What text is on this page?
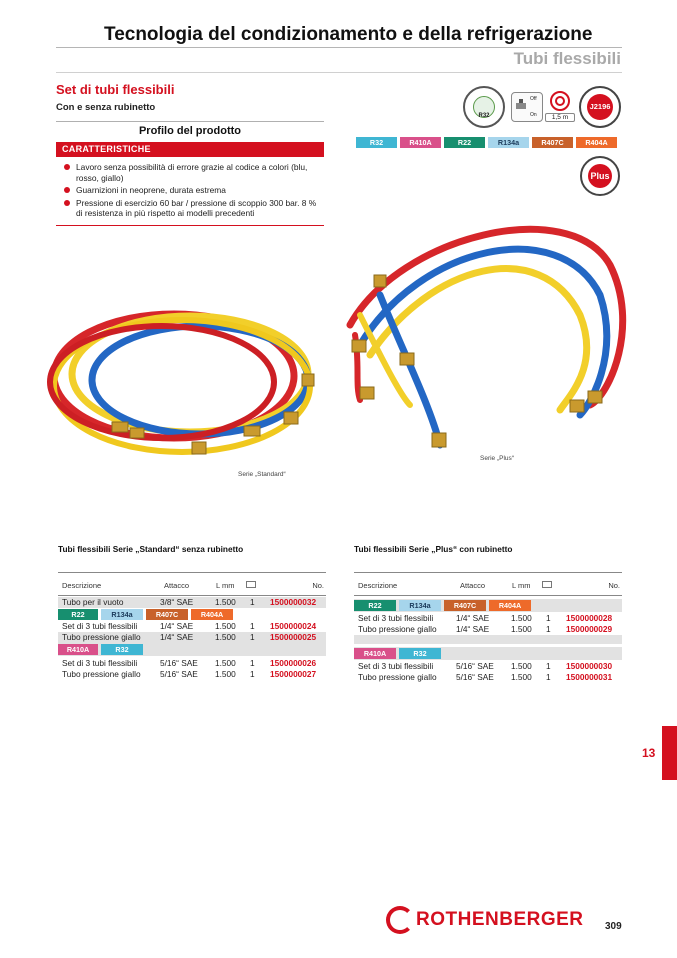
Tecnologia del condizionamento e della refrigerazione
Tubi flessibili
Set di tubi flessibili
Con e senza rubinetto
Profilo del prodotto
CARATTERISTICHE
Lavoro senza possibilità di errore grazie al codice a colori (blu, rosso, giallo)
Guarnizioni in neoprene, durata estrema
Pressione di esercizio 60 bar / pressione di scoppio 300 bar. 8 % di resistenza in più rispetto ai modelli precedenti
R32
Off
On	1,5 m
J2196
Plus
R32	R410A	R22	R134a	R407C	R404A
Serie „Standard“
Serie „Plus“
Tubi flessibili Serie „Standard“ senza rubinetto
Descrizione	Attacco	L mm	No.
Tubo per il vuoto	3/8“ SAE	1.500 1 1500000032
R22	R134a	R407C	R404A
Set di 3 tubi flessibili	1/4“ SAE	1.500 1 1500000024
Tubo pressione giallo 1/4“ SAE	1.500 1 1500000025
R410A	R32
Set di 3 tubi flessibili	5/16“ SAE 1.500 1 1500000026
Tubo pressione giallo 5/16“ SAE 1.500 1 1500000027
Tubi flessibili Serie „Plus“ con rubinetto
Descrizione	Attacco	L mm	No.
R22	R134a	R407C	R404A
Set di 3 tubi flessibili	1/4“ SAE	1.500 1 1500000028
Tubo pressione giallo 1/4“ SAE	1.500 1 1500000029
R410A	R32
Set di 3 tubi flessibili	5/16“ SAE 1.500 1 1500000030
Tubo pressione giallo 5/16“ SAE 1.500 1 1500000031
13
ROTHENBERGER 309
